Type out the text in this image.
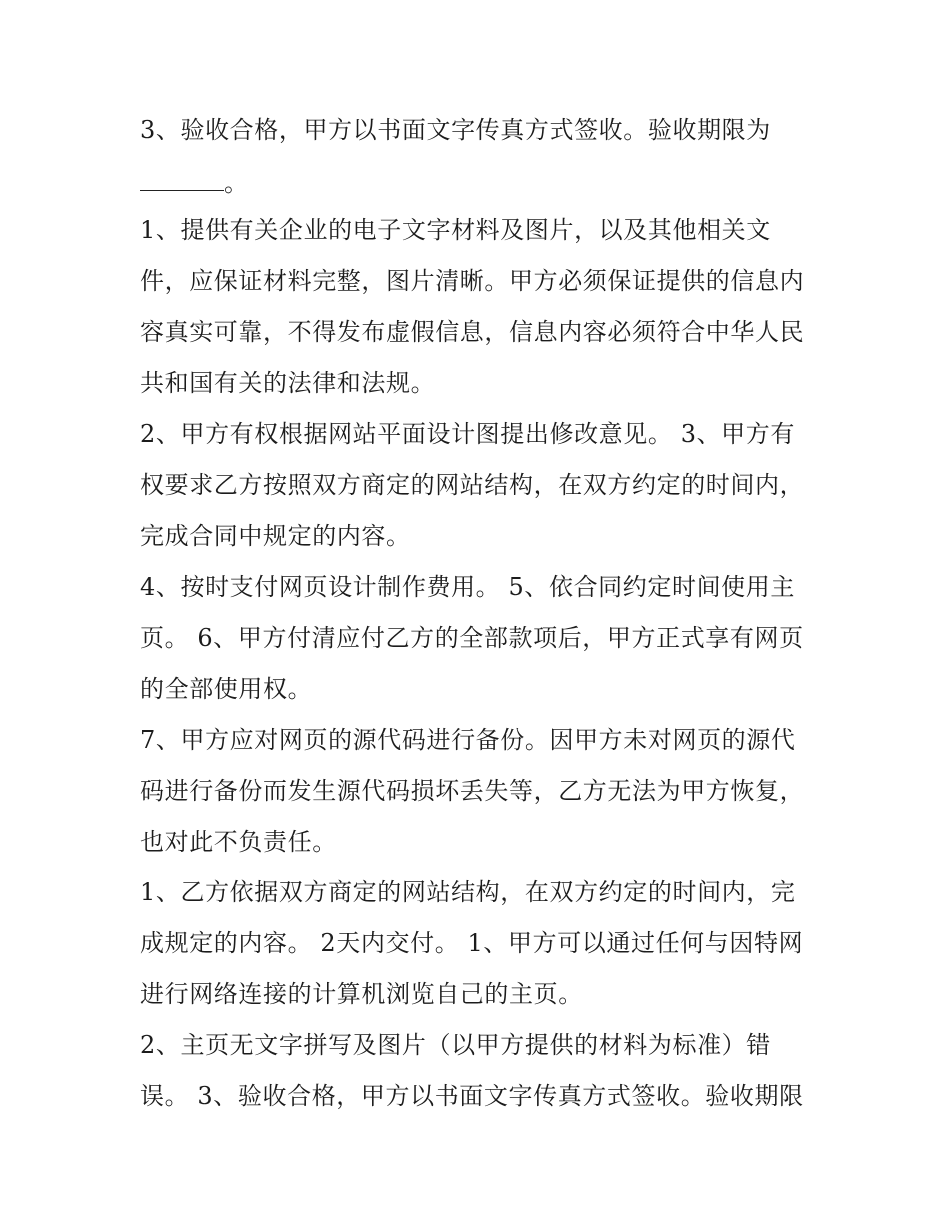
3、验收合格，甲方以书面文字传真方式签收。验收期限为
。
1、提供有关企业的电子文字材料及图片，以及其他相关文
件，应保证材料完整，图片清晰。甲方必须保证提供的信息内
容真实可靠，不得发布虚假信息，信息内容必须符合中华人民
共和国有关的法律和法规。
2、甲方有权根据网站平面设计图提出修改意见。 3、甲方有
权要求乙方按照双方商定的网站结构，在双方约定的时间内，
完成合同中规定的内容。
4、按时支付网页设计制作费用。 5、依合同约定时间使用主
页。 6、甲方付清应付乙方的全部款项后，甲方正式享有网页
的全部使用权。
7、甲方应对网页的源代码进行备份。因甲方未对网页的源代
码进行备份而发生源代码损坏丢失等，乙方无法为甲方恢复，
也对此不负责任。
1、乙方依据双方商定的网站结构，在双方约定的时间内，完
成规定的内容。 2天内交付。 1、甲方可以通过任何与因特网
进行网络连接的计算机浏览自己的主页。
2、主页无文字拼写及图片（以甲方提供的材料为标准）错
误。 3、验收合格，甲方以书面文字传真方式签收。验收期限
